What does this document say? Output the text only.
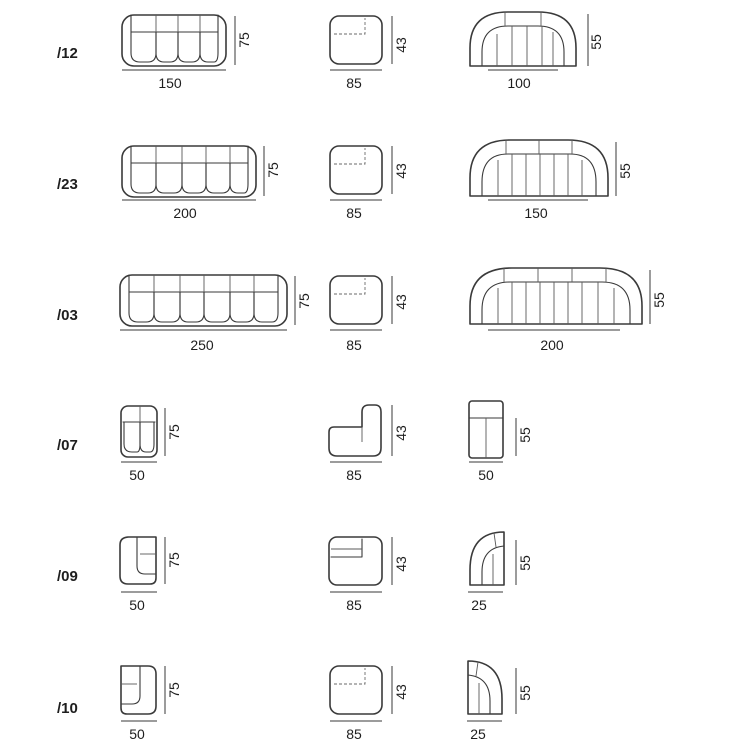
/12
75
150
43
85
55
100
/23
75
200
43
85
55
150
/03
75
250
43
85
55
200
/07
75
50
43
85
55
50
/09
75
50
43
85
55
25
/10
75
50
43
85
55
25
